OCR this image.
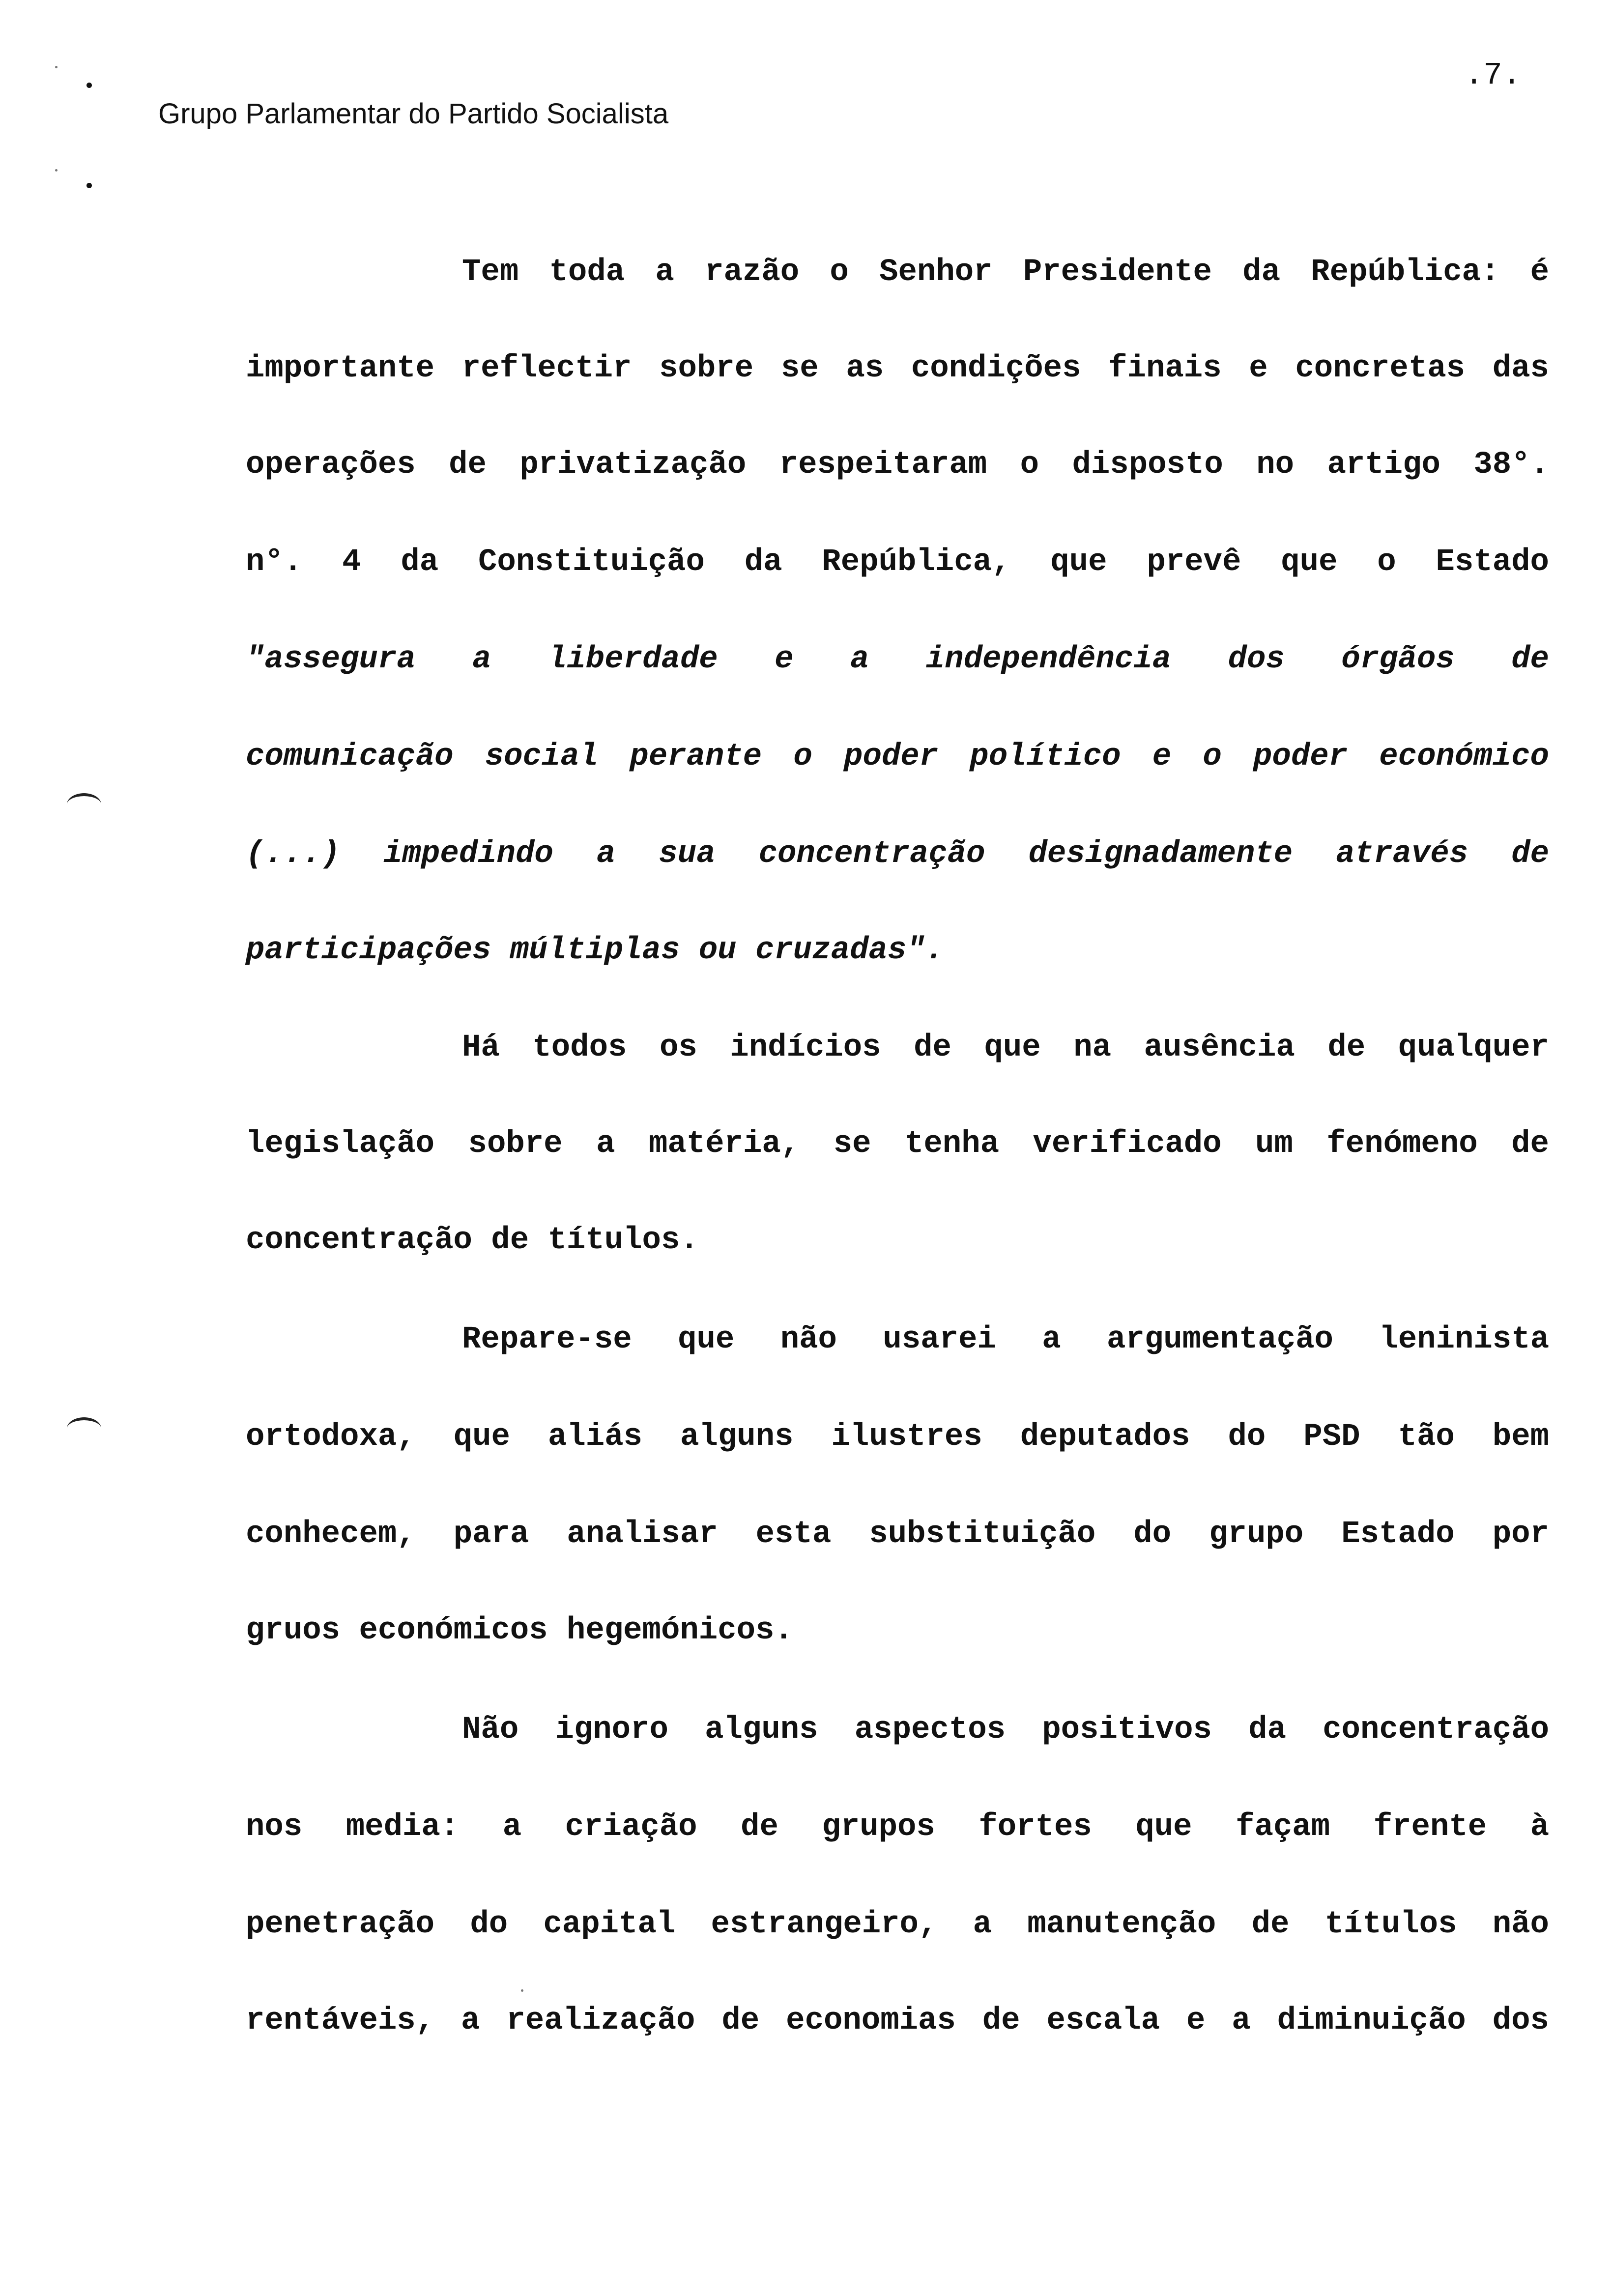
Grupo Parlamentar do Partido Socialista
.7.
Tem toda a razão o Senhor Presidente da República: é
importante reflectir sobre se as condições finais e concretas das
operações de privatização respeitaram o disposto no artigo 38°.
n°. 4 da Constituição da República, que prevê que o Estado
"assegura a liberdade e a independência dos órgãos de
comunicação social perante o poder político e o poder económico
(...) impedindo a sua concentração designadamente através de
participações múltiplas ou cruzadas".
Há todos os indícios de que na ausência de qualquer
legislação sobre a matéria, se tenha verificado um fenómeno de
concentração de títulos.
Repare-se que não usarei a argumentação leninista
ortodoxa, que aliás alguns ilustres deputados do PSD tão bem
conhecem, para analisar esta substituição do grupo Estado por
gruos económicos hegemónicos.
Não ignoro alguns aspectos positivos da concentração
nos media: a criação de grupos fortes que façam frente à
penetração do capital estrangeiro, a manutenção de títulos não
rentáveis, a realização de economias de escala e a diminuição dos
